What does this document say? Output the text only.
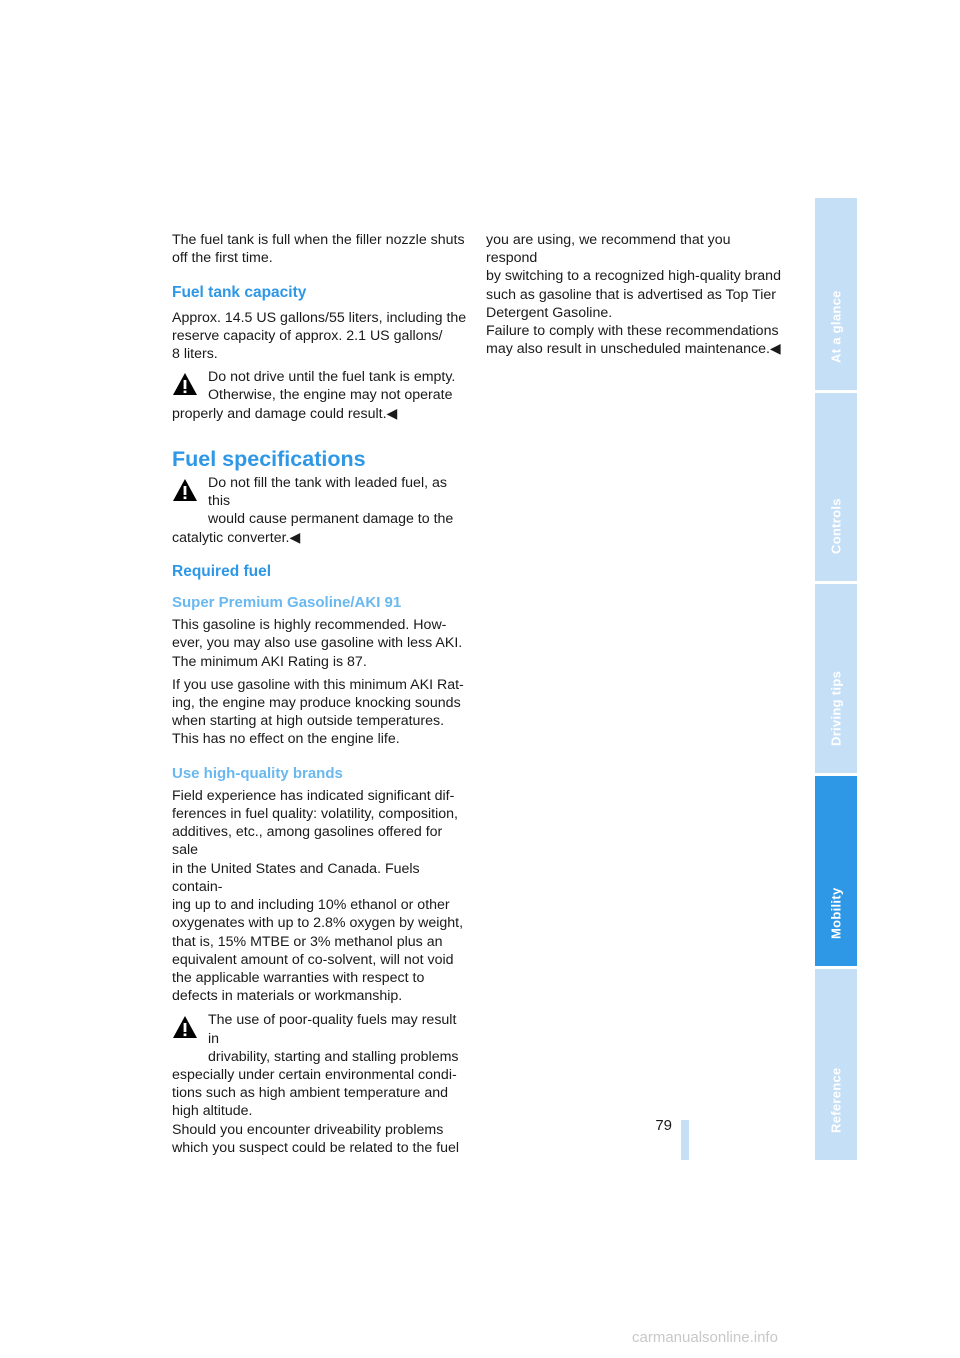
The fuel tank is full when the filler nozzle shuts off the first time.

Fuel tank capacity

Approx. 14.5 US gallons/55 liters, including the

reserve capacity of approx. 2.1 US gallons/

8 liters.

Do not drive until the fuel tank is empty.

Otherwise, the engine may not operate

properly and damage could result.◀

Fuel specifications

Do not fill the tank with leaded fuel, as this

would cause permanent damage to the

catalytic converter.◀

Required fuel

Super Premium Gasoline/AKI 91

This gasoline is highly recommended. How-

ever, you may also use gasoline with less AKI.

The minimum AKI Rating is 87.

If you use gasoline with this minimum AKI Rat-

ing, the engine may produce knocking sounds

when starting at high outside temperatures.

This has no effect on the engine life.

Use high-quality brands

Field experience has indicated significant dif-

ferences in fuel quality: volatility, composition,

additives, etc., among gasolines offered for sale

in the United States and Canada. Fuels contain-

ing up to and including 10% ethanol or other

oxygenates with up to 2.8% oxygen by weight,

that is, 15% MTBE or 3% methanol plus an

equivalent amount of co-solvent, will not void

the applicable warranties with respect to

defects in materials or workmanship.

The use of poor-quality fuels may result in

drivability, starting and stalling problems

especially under certain environmental condi-

tions such as high ambient temperature and

high altitude.

Should you encounter driveability problems

which you suspect could be related to the fuel

you are using, we recommend that you respond

by switching to a recognized high-quality brand

such as gasoline that is advertised as Top Tier

Detergent Gasoline.

Failure to comply with these recommendations

may also result in unscheduled maintenance.◀	At a glance
Controls
Driving tips
Mobility
Reference
79
carmanualsonline.info
